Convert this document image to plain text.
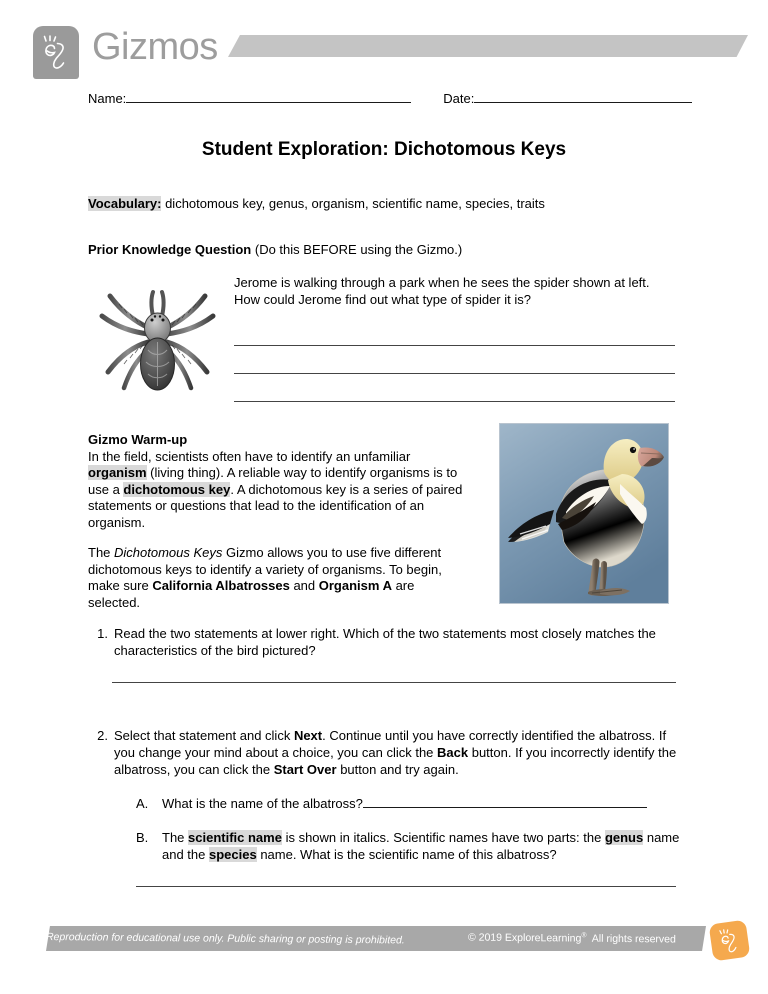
Gizmos
Name:	Date:
Student Exploration: Dichotomous Keys
Vocabulary: dichotomous key, genus, organism, scientific name, species, traits
Prior Knowledge Question (Do this BEFORE using the Gizmo.)
Jerome is walking through a park when he sees the spider shown at left. How could Jerome find out what type of spider it is?

Gizmo Warm-up

In the field, scientists often have to identify an unfamiliar organism (living thing). A reliable way to identify organisms is to use a dichotomous key. A dichotomous key is a series of paired statements or questions that lead to the identification of an organism.

The Dichotomous Keys Gizmo allows you to use five different dichotomous keys to identify a variety of organisms. To begin, make sure California Albatrosses and Organism A are selected.

1. Read the two statements at lower right. Which of the two statements most closely matches the characteristics of the bird pictured?
2. Select that statement and click Next. Continue until you have correctly identified the albatross. If you change your mind about a choice, you can click the Back button. If you incorrectly identify the albatross, you can click the Start Over button and try again.
A.	What is the name of the albatross?
B.	The scientific name is shown in italics. Scientific names have two parts: the genus name and the species name. What is the scientific name of this albatross?
Reproduction for educational use only. Public sharing or posting is prohibited.	© 2019 ExploreLearning® All rights reserved
